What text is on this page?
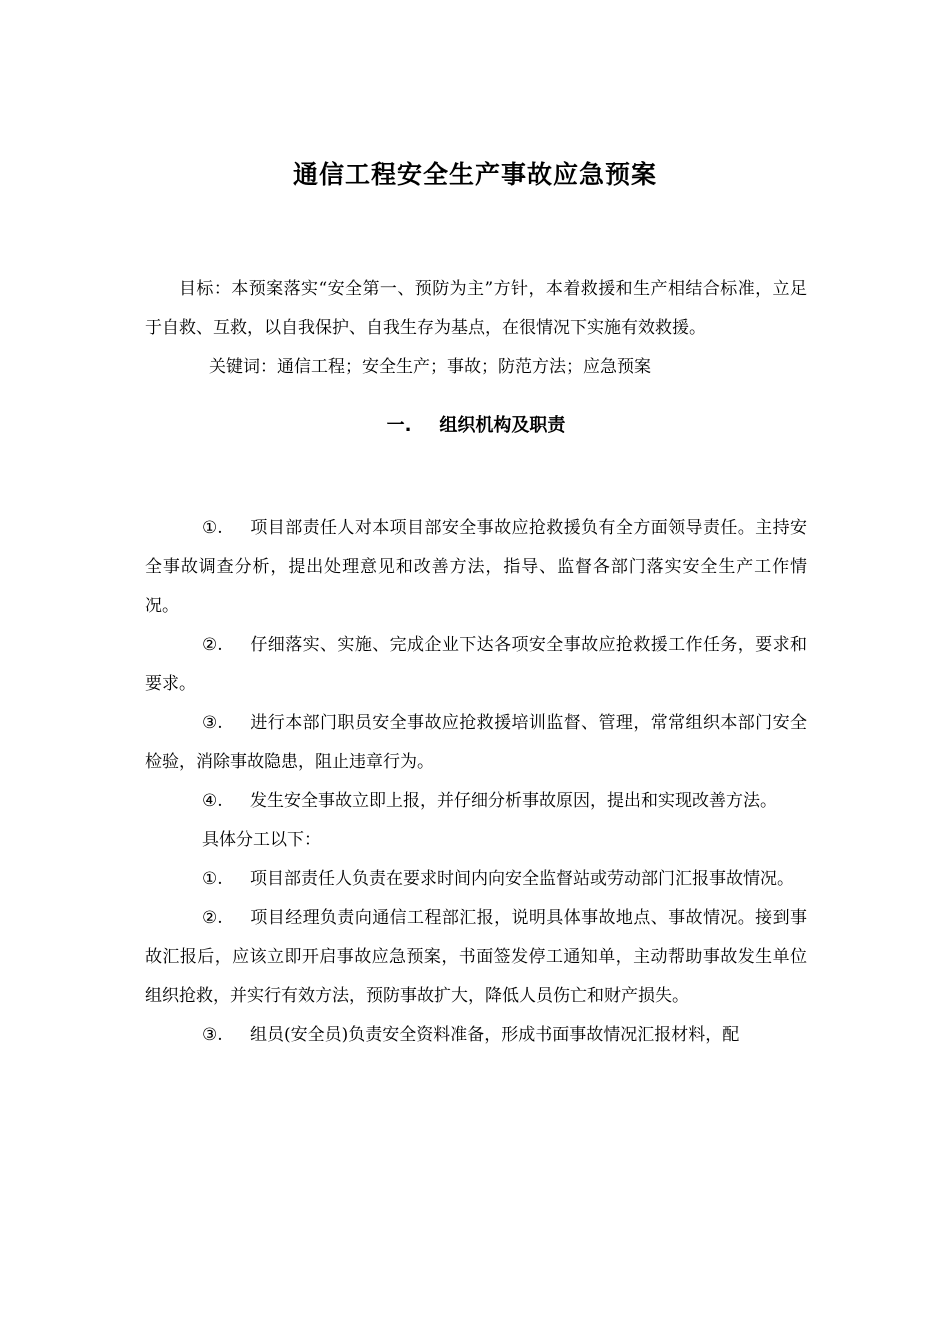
通信工程安全生产事故应急预案

目标：本预案落实“安全第一、预防为主”方针，本着救援和生产相结合标准，立足于自救、互救，以自我保护、自我生存为基点，在很情况下实施有效救援。

关键词：通信工程；安全生产；事故；防范方法；应急预案

一. 组织机构及职责

①. 项目部责任人对本项目部安全事故应抢救援负有全方面领导责任。主持安全事故调查分析，提出处理意见和改善方法，指导、监督各部门落实安全生产工作情况。

②. 仔细落实、实施、完成企业下达各项安全事故应抢救援工作任务，要求和要求。

③. 进行本部门职员安全事故应抢救援培训监督、管理，常常组织本部门安全检验，消除事故隐患，阻止违章行为。

④. 发生安全事故立即上报，并仔细分析事故原因，提出和实现改善方法。

具体分工以下：

①. 项目部责任人负责在要求时间内向安全监督站或劳动部门汇报事故情况。

②. 项目经理负责向通信工程部汇报，说明具体事故地点、事故情况。接到事故汇报后，应该立即开启事故应急预案，书面签发停工通知单，主动帮助事故发生单位组织抢救，并实行有效方法，预防事故扩大，降低人员伤亡和财产损失。

③. 组员(安全员)负责安全资料准备，形成书面事故情况汇报材料，配
